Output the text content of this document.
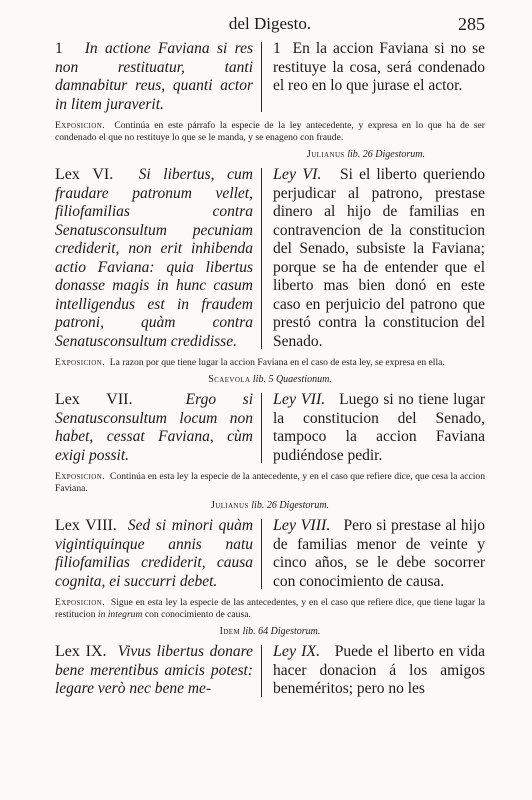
del Digesto.	285
1 In actione Faviana si res non restituatur, tanti damnabitur reus, quanti actor in litem juraverit.
1 En la accion Faviana si no se restituye la cosa, será condenado el reo en lo que jurase el actor.

Exposicion. Continúa en este párrafo la especie de la ley antecedente, y expresa en lo que ha de ser condenado el que no restituye lo que se le manda, y se enageno con fraude.

Julianus lib. 26 Digestorum.
Lex VI. Si libertus, cum fraudare patronum vellet, filiofamilias contra Senatusconsultum pecuniam crediderit, non erit inhibenda actio Faviana: quia libertus donasse magis in hunc casum intelligendus est in fraudem patroni, quàm contra Senatusconsultum credidisse.
Ley VI. Si el liberto queriendo perjudicar al patrono, prestase dinero al hijo de familias en contravencion de la constitucion del Senado, subsiste la Faviana; porque se ha de entender que el liberto mas bien donó en este caso en perjuicio del patrono que prestó contra la constitucion del Senado.

Exposicion. La razon por que tiene lugar la accion Faviana en el caso de esta ley, se expresa en ella.

Scaevola lib. 5 Quaestionum.
Lex VII.	Ergo si Senatusconsultum locum non habet, cessat Faviana, cùm exigi possit.
Ley VII. Luego si no tiene lugar la constitucion del Senado, tampoco la accion Faviana pudiéndose pedir.

Exposicion. Continúa en esta ley la especie de la antecedente, y en el caso que refiere dice, que cesa la accion Faviana.

Julianus lib. 26 Digestorum.
Lex VIII. Sed si minori quàm vigintiquinque annis natu filiofamilias crediderit, causa cognita, ei succurri debet.
Ley VIII. Pero si prestase al hijo de familias menor de veinte y cinco años, se le debe socorrer con conocimiento de causa.

Exposicion. Sigue en esta ley la especie de las antecedentes, y en el caso que refiere dice, que tiene lugar la restitucion in integrum con conocimiento de causa.

Idem lib. 64 Digestorum.
Lex IX. Vivus libertus donare bene merentibus amicis potest: legare verò nec bene me-
Ley IX. Puede el liberto en vida hacer donacion á los amigos beneméritos; pero no les
